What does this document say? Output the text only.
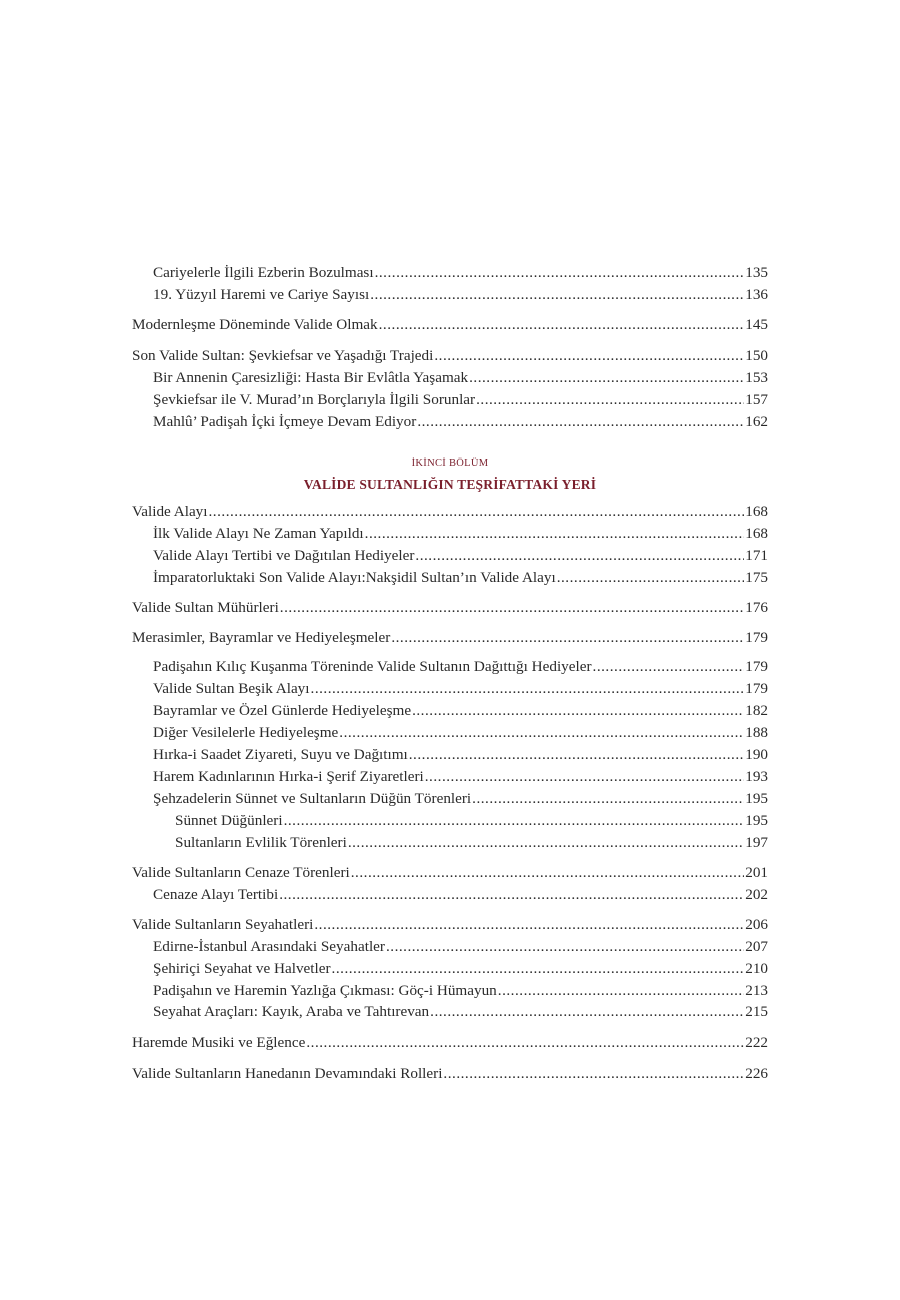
Cariyelerle İlgili Ezberin Bozulması .....	135
19. Yüzyıl Haremi ve Cariye Sayısı .....	136
Modernleşme Döneminde Valide Olmak .....	145
Son Valide Sultan: Şevkiefsar ve Yaşadığı Trajedi .....	150
Bir Annenin Çaresizliği: Hasta Bir Evlâtla Yaşamak .....	153
Şevkiefsar ile V. Murad’ın Borçlarıyla İlgili Sorunlar .....	157
Mahlû’ Padişah İçki İçmeye Devam Ediyor .....	162
İKİNCİ BÖLÜM
VALİDE SULTANLIĞIN TEŞRİFATTAKİ YERİ
Valide Alayı .....	168
İlk Valide Alayı Ne Zaman Yapıldı .....	168
Valide Alayı Tertibi ve Dağıtılan Hediyeler .....	171
İmparatorluktaki Son Valide Alayı:Nakşidil Sultan’ın Valide Alayı .....	175
Valide Sultan Mühürleri .....	176
Merasimler, Bayramlar ve Hediyeleşmeler .....	179
Padişahın Kılıç Kuşanma Töreninde Valide Sultanın Dağıttığı Hediyeler .....	179
Valide Sultan Beşik Alayı .....	179
Bayramlar ve Özel Günlerde Hediyeleşme .....	182
Diğer Vesilelerle Hediyeleşme .....	188
Hırka-i Saadet Ziyareti, Suyu ve Dağıtımı .....	190
Harem Kadınlarının Hırka-i Şerif Ziyaretleri .....	193
Şehzadelerin Sünnet ve Sultanların Düğün Törenleri .....	195
Sünnet Düğünleri .....	195
Sultanların Evlilik Törenleri .....	197
Valide Sultanların Cenaze Törenleri .....	201
Cenaze Alayı Tertibi .....	202
Valide Sultanların Seyahatleri .....	206
Edirne-İstanbul Arasındaki Seyahatler .....	207
Şehiriçi Seyahat ve Halvetler .....	210
Padişahın ve Haremin Yazlığa Çıkması: Göç-i Hümayun .....	213
Seyahat Araçları: Kayık, Araba ve Tahtırevan .....	215
Haremde Musiki ve Eğlence .....	222
Valide Sultanların Hanedanın Devamındaki Rolleri .....	226
